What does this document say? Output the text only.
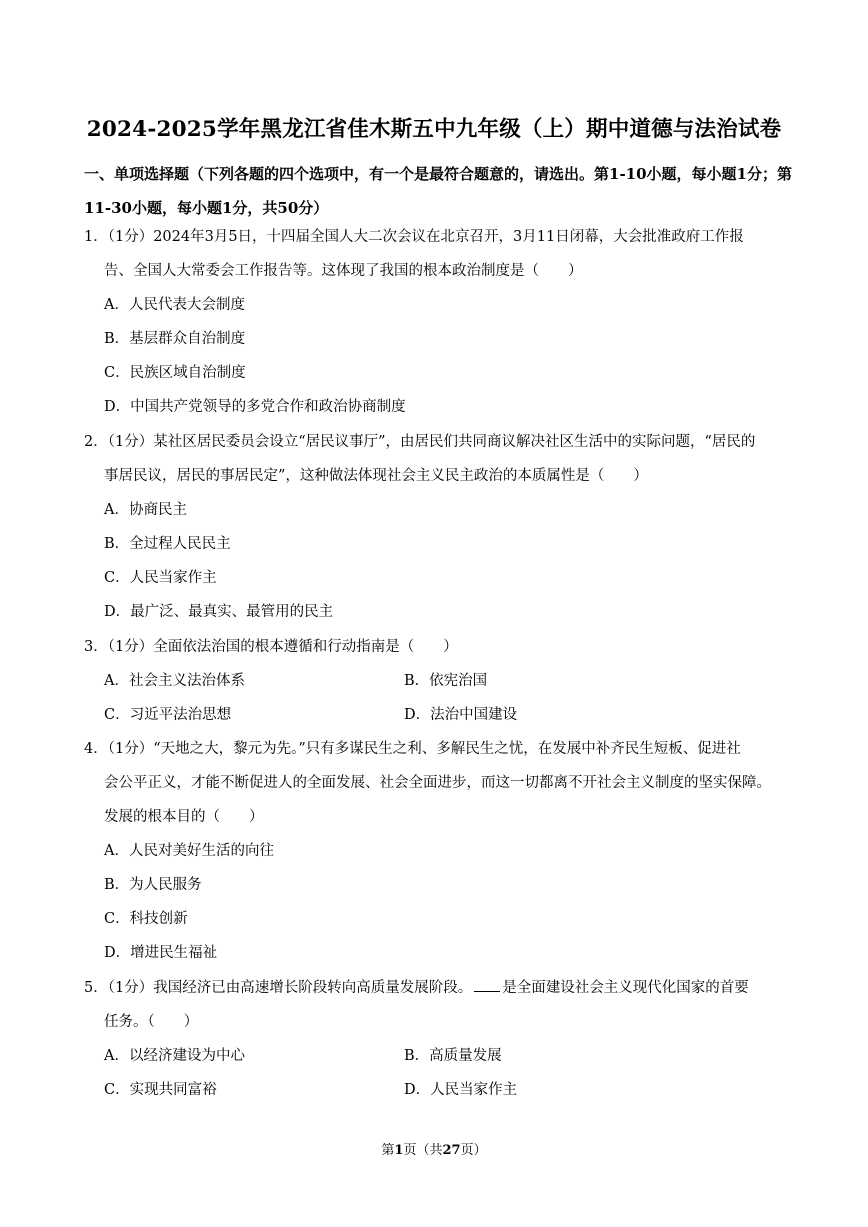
2024-2025学年黑龙江省佳木斯五中九年级（上）期中道德与法治试卷
一、单项选择题（下列各题的四个选项中，有一个是最符合题意的，请选出。第1-10小题，每小题1分；第11-30小题，每小题1分，共50分）
1．（1分）2024年3月5日，十四届全国人大二次会议在北京召开，3月11日闭幕，大会批准政府工作报
告、全国人大常委会工作报告等。这体现了我国的根本政治制度是（　　）
A．人民代表大会制度
B．基层群众自治制度
C．民族区域自治制度
D．中国共产党领导的多党合作和政治协商制度
2．（1分）某社区居民委员会设立“居民议事厅”，由居民们共同商议解决社区生活中的实际问题，“居民的
事居民议，居民的事居民定”，这种做法体现社会主义民主政治的本质属性是（　　）
A．协商民主
B．全过程人民民主
C．人民当家作主
D．最广泛、最真实、最管用的民主
3．（1分）全面依法治国的根本遵循和行动指南是（　　）
A．社会主义法治体系	B．依宪治国
C．习近平法治思想	D．法治中国建设
4．（1分）“天地之大，黎元为先。”只有多谋民生之利、多解民生之忧，在发展中补齐民生短板、促进社
会公平正义，才能不断促进人的全面发展、社会全面进步，而这一切都离不开社会主义制度的坚实保障。
发展的根本目的（　　）
A．人民对美好生活的向往
B．为人民服务
C．科技创新
D．增进民生福祉
5．（1分）我国经济已由高速增长阶段转向高质量发展阶段。 是全面建设社会主义现代化国家的首要
任务。（　　）
A．以经济建设为中心	B．高质量发展
C．实现共同富裕	D．人民当家作主
第1页（共27页）
